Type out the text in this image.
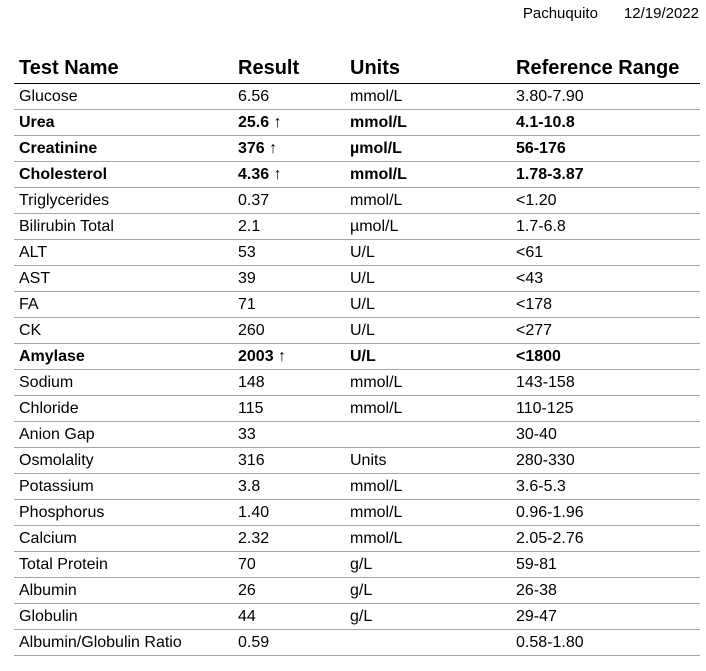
Pachuquito 12/19/2022
Test Name	Result	Units	Reference Range
Glucose	6.56	mmol/L	3.80-7.90
Urea	25.6 ↑	mmol/L	4.1-10.8
Creatinine	376 ↑	µmol/L	56-176
Cholesterol	4.36 ↑	mmol/L	1.78-3.87
Triglycerides	0.37	mmol/L	<1.20
Bilirubin Total	2.1	µmol/L	1.7-6.8
ALT	53	U/L	<61
AST	39	U/L	<43
FA	71	U/L	<178
CK	260	U/L	<277
Amylase	2003 ↑	U/L	<1800
Sodium	148	mmol/L	143-158
Chloride	115	mmol/L	110-125
Anion Gap	33		30-40
Osmolality	316	Units	280-330
Potassium	3.8	mmol/L	3.6-5.3
Phosphorus	1.40	mmol/L	0.96-1.96
Calcium	2.32	mmol/L	2.05-2.76
Total Protein	70	g/L	59-81
Albumin	26	g/L	26-38
Globulin	44	g/L	29-47
Albumin/Globulin Ratio	0.59		0.58-1.80
